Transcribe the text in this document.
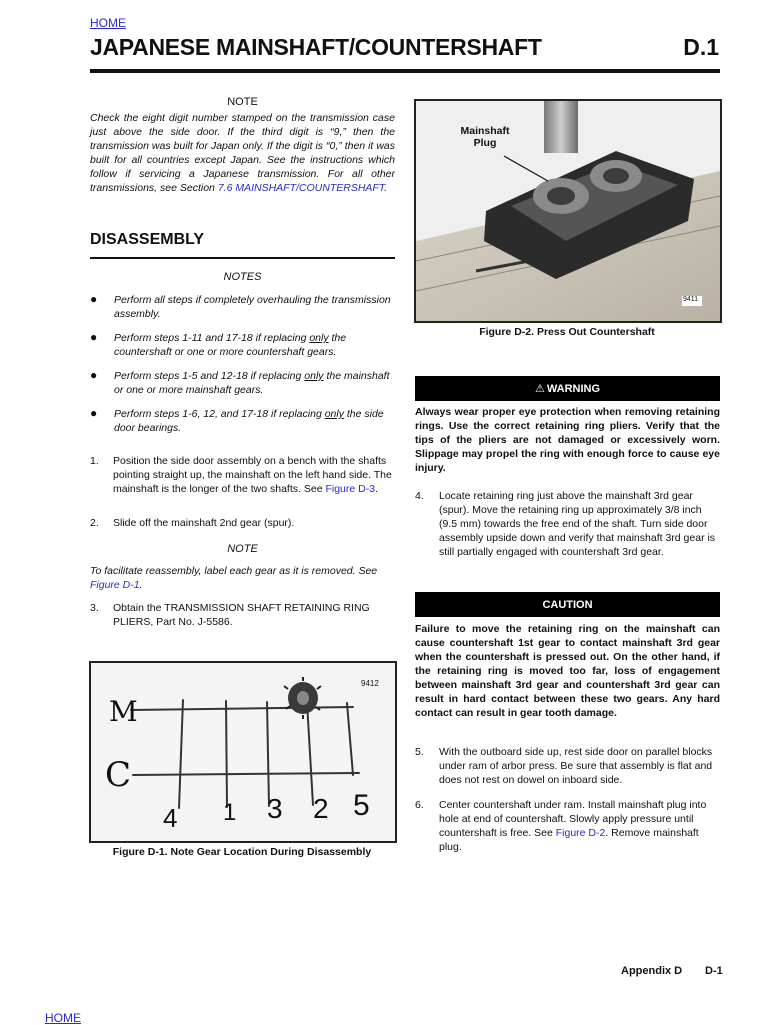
HOME
JAPANESE MAINSHAFT/COUNTERSHAFT	D.1
NOTE
Check the eight digit number stamped on the transmission case just above the side door. If the third digit is “9,” then the transmission was built for Japan only. If the digit is “0,” then it was built for all countries except Japan. See the instructions which follow if servicing a Japanese transmission. For all other transmissions, see Section 7.6 MAINSHAFT/COUNTERSHAFT.
DISASSEMBLY
NOTES
● Perform all steps if completely overhauling the transmission assembly.
● Perform steps 1-11 and 17-18 if replacing only the countershaft or one or more countershaft gears.
● Perform steps 1-5 and 12-18 if replacing only the mainshaft or one or more mainshaft gears.
● Perform steps 1-6, 12, and 17-18 if replacing only the side door bearings.
1. Position the side door assembly on a bench with the shafts pointing straight up, the mainshaft on the left hand side. The mainshaft is the longer of the two shafts. See Figure D-3.
2. Slide off the mainshaft 2nd gear (spur).
NOTE
To facilitate reassembly, label each gear as it is removed. See Figure D-1.
3. Obtain the TRANSMISSION SHAFT RETAINING RING PLIERS, Part No. J-5586.
9412
M
C
4 1 3 2 5
Figure D-1. Note Gear Location During Disassembly
Mainshaft Plug
9411
Figure D-2. Press Out Countershaft
⚠ WARNING
Always wear proper eye protection when removing retaining rings. Use the correct retaining ring pliers. Verify that the tips of the pliers are not damaged or excessively worn. Slippage may propel the ring with enough force to cause eye injury.
4. Locate retaining ring just above the mainshaft 3rd gear (spur). Move the retaining ring up approximately 3/8 inch (9.5 mm) towards the free end of the shaft. Turn side door assembly upside down and verify that mainshaft 3rd gear is still partially engaged with countershaft 3rd gear.
CAUTION
Failure to move the retaining ring on the mainshaft can cause countershaft 1st gear to contact mainshaft 3rd gear when the countershaft is pressed out. On the other hand, if the retaining ring is moved too far, loss of engagement between mainshaft 3rd gear and countershaft 3rd gear can result in hard contact between these two gears. Any hard contact can result in gear tooth damage.
5. With the outboard side up, rest side door on parallel blocks under ram of arbor press. Be sure that assembly is flat and does not rest on dowel on inboard side.
6. Center countershaft under ram. Install mainshaft plug into hole at end of countershaft. Slowly apply pressure until countershaft is free. See Figure D-2. Remove mainshaft plug.
Appendix D D-1
HOME
